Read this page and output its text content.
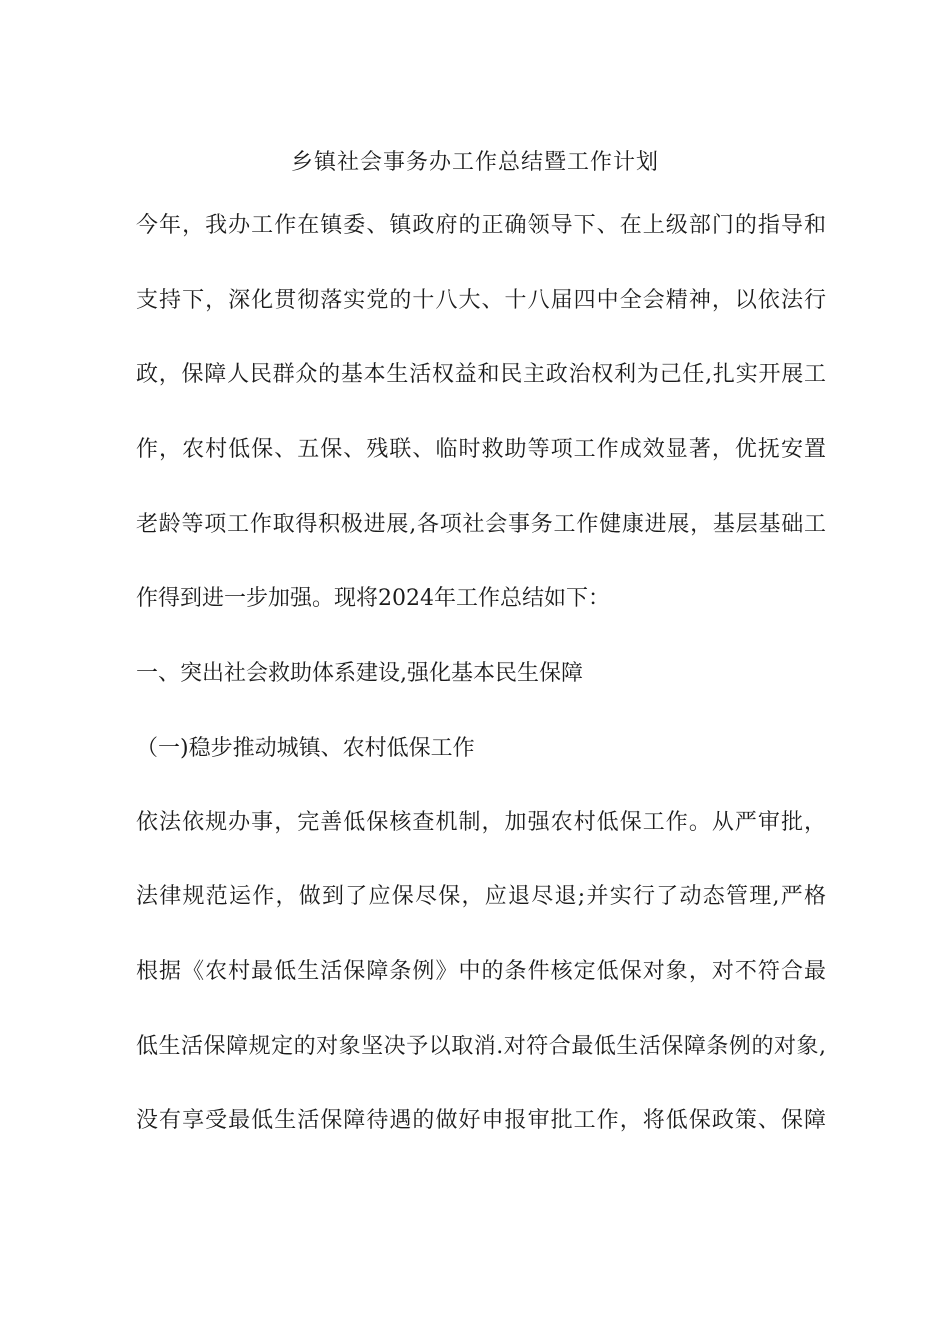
乡镇社会事务办工作总结暨工作计划
今年，我办工作在镇委、镇政府的正确领导下、在上级部门的指导和
支持下，深化贯彻落实党的十八大、十八届四中全会精神，以依法行
政，保障人民群众的基本生活权益和民主政治权利为己任,扎实开展工
作，农村低保、五保、残联、临时救助等项工作成效显著，优抚安置
老龄等项工作取得积极进展,各项社会事务工作健康进展，基层基础工
作得到进一步加强。现将2024年工作总结如下：
一、突出社会救助体系建设,强化基本民生保障
（一)稳步推动城镇、农村低保工作
依法依规办事，完善低保核查机制，加强农村低保工作。从严审批，
法律规范运作，做到了应保尽保，应退尽退;并实行了动态管理,严格
根据《农村最低生活保障条例》中的条件核定低保对象，对不符合最
低生活保障规定的对象坚决予以取消.对符合最低生活保障条例的对象,
没有享受最低生活保障待遇的做好申报审批工作，将低保政策、保障
